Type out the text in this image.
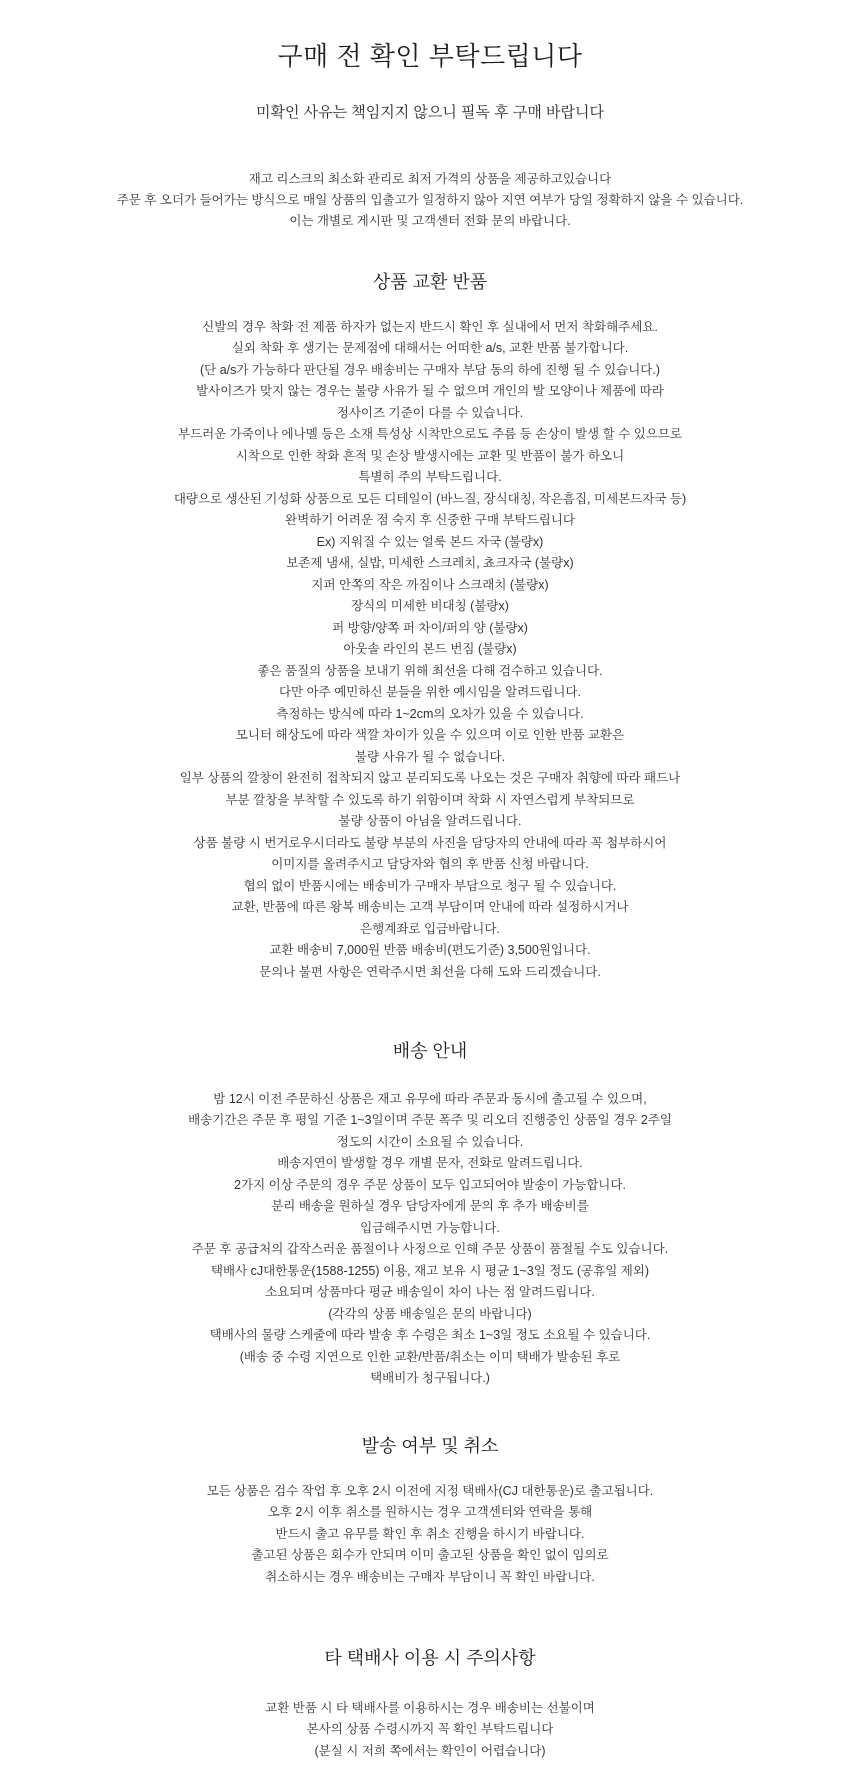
구매 전 확인 부탁드립니다

미확인 사유는 책임지지 않으니 필독 후 구매 바랍니다

재고 리스크의 최소화 관리로 최저 가격의 상품을 제공하고있습니다
주문 후 오더가 들어가는 방식으로 매일 상품의 입출고가 일정하지 않아 지연 여부가 당일 정확하지 않을 수 있습니다.
이는 개별로 게시판 및 고객센터 전화 문의 바랍니다.
상품 교환 반품
신발의 경우 착화 전 제품 하자가 없는지 반드시 확인 후 실내에서 먼저 착화해주세요.
실외 착화 후 생기는 문제점에 대해서는 어떠한 a/s, 교환 반품 불가합니다.
(단 a/s가 가능하다 판단될 경우 배송비는 구매자 부담 동의 하에 진행 될 수 있습니다.)
발사이즈가 맞지 않는 경우는 불량 사유가 될 수 없으며 개인의 발 모양이나 제품에 따라
정사이즈 기준이 다를 수 있습니다.
부드러운 가죽이나 에나멜 등은 소재 특성상 시착만으로도 주름 등 손상이 발생 할 수 있으므로
시착으로 인한 착화 흔적 및 손상 발생시에는 교환 및 반품이 불가 하오니
특별히 주의 부탁드립니다.
대량으로 생산된 기성화 상품으로 모든 디테일이 (바느질, 장식대칭, 작은흠집, 미세본드자국 등)
완벽하기 어려운 점 숙지 후 신중한 구매 부탁드립니다
Ex) 지워질 수 있는 얼룩 본드 자국 (불량x)
보존제 냄새, 실밥, 미세한 스크레치, 쵸크자국 (불량x)
지퍼 안쪽의 작은 까짐이나 스크래치 (불량x)
장식의 미세한 비대칭 (불량x)
퍼 방향/양쪽 퍼 차이/퍼의 양 (불량x)
아웃솔 라인의 본드 번짐 (불량x)
좋은 품질의 상품을 보내기 위해 최선을 다해 검수하고 있습니다.
다만 아주 예민하신 분들을 위한 예시임을 알려드립니다.
측정하는 방식에 따라 1~2cm의 오차가 있을 수 있습니다.
모니터 해상도에 따라 색깔 차이가 있을 수 있으며 이로 인한 반품 교환은
불량 사유가 될 수 없습니다.
일부 상품의 깔창이 완전히 접착되지 않고 분리되도록 나오는 것은 구매자 취향에 따라 패드나
부분 깔창을 부착할 수 있도록 하기 위함이며 착화 시 자연스럽게 부착되므로
불량 상품이 아님을 알려드립니다.
상품 불량 시 번거로우시더라도 불량 부분의 사진을 담당자의 안내에 따라 꼭 첨부하시어
이미지를 올려주시고 담당자와 협의 후 반품 신청 바랍니다.
협의 없이 반품시에는 배송비가 구매자 부담으로 청구 될 수 있습니다.
교환, 반품에 따른 왕복 배송비는 고객 부담이며 안내에 따라 설정하시거나
은행계좌로 입금바랍니다.
교환 배송비 7,000원 반품 배송비(편도기준) 3,500원입니다.
문의나 불편 사항은 연락주시면 최선을 다해 도와 드리겠습니다.
배송 안내
밤 12시 이전 주문하신 상품은 재고 유무에 따라 주문과 동시에 출고될 수 있으며,
배송기간은 주문 후 평일 기준 1~3일이며 주문 폭주 및 리오더 진행중인 상품일 경우 2주일
정도의 시간이 소요될 수 있습니다.
배송지연이 발생할 경우 개별 문자, 전화로 알려드립니다.
2가지 이상 주문의 경우 주문 상품이 모두 입고되어야 발송이 가능합니다.
분리 배송을 원하실 경우 담당자에게 문의 후 추가 배송비를
입금해주시면 가능합니다.
주문 후 공급처의 갑작스러운 품절이나 사정으로 인해 주문 상품이 품절될 수도 있습니다.
택배사 cJ대한통운(1588-1255) 이용, 재고 보유 시 평균 1~3일 정도 (공휴일 제외)
소요되며 상품마다 평균 배송일이 차이 나는 점 알려드립니다.
(각각의 상품 배송일은 문의 바랍니다)
택배사의 물량 스케줄에 따라 발송 후 수령은 최소 1~3일 정도 소요될 수 있습니다.
(배송 중 수령 지연으로 인한 교환/반품/취소는 이미 택배가 발송된 후로
택배비가 청구됩니다.)
발송 여부 및 취소
모든 상품은 검수 작업 후 오후 2시 이전에 지정 택배사(CJ 대한통운)로 출고됩니다.
오후 2시 이후 취소를 원하시는 경우 고객센터와 연락을 통해
반드시 출고 유무를 확인 후 취소 진행을 하시기 바랍니다.
출고된 상품은 회수가 안되며 이미 출고된 상품을 확인 없이 임의로
취소하시는 경우 배송비는 구매자 부담이니 꼭 확인 바랍니다.
타 택배사 이용 시 주의사항
교환 반품 시 타 택배사를 이용하시는 경우 배송비는 선불이며
본사의 상품 수령시까지 꼭 확인 부탁드립니다
(분실 시 저희 쪽에서는 확인이 어렵습니다)
